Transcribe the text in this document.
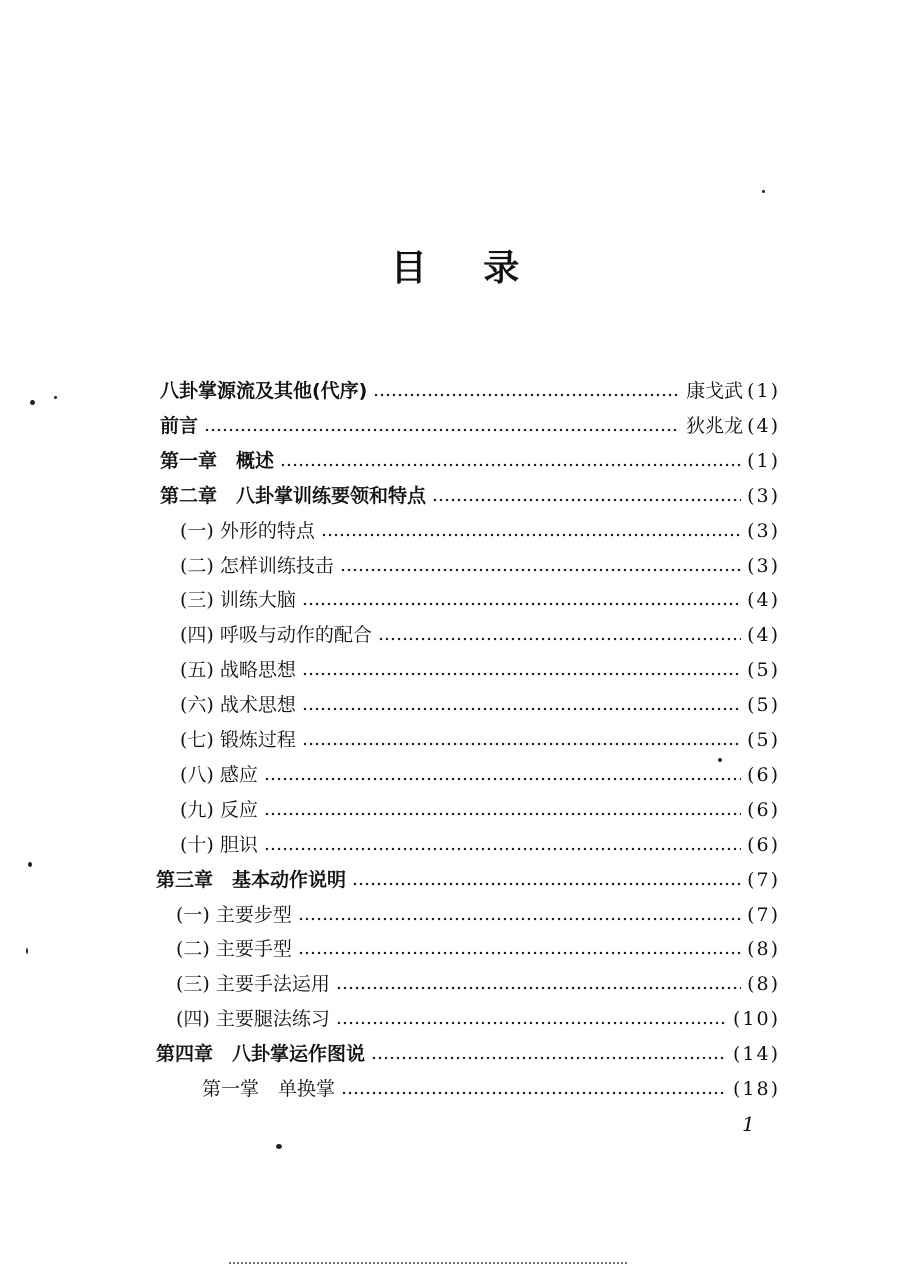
目 录
八卦掌源流及其他(代序)	康戈武 (1)
前言	狄兆龙 (4)
第一章　概述	(1)
第二章　八卦掌训练要领和特点	(3)
(一) 外形的特点	(3)
(二) 怎样训练技击	(3)
(三) 训练大脑	(4)
(四) 呼吸与动作的配合	(4)
(五) 战略思想	(5)
(六) 战术思想	(5)
(七) 锻炼过程	(5)
(八) 感应	(6)
(九) 反应	(6)
(十) 胆识	(6)
第三章　基本动作说明	(7)
(一) 主要步型	(7)
(二) 主要手型	(8)
(三) 主要手法运用	(8)
(四) 主要腿法练习	(10)
第四章　八卦掌运作图说	(14)
第一掌　单换掌	(18)
1
